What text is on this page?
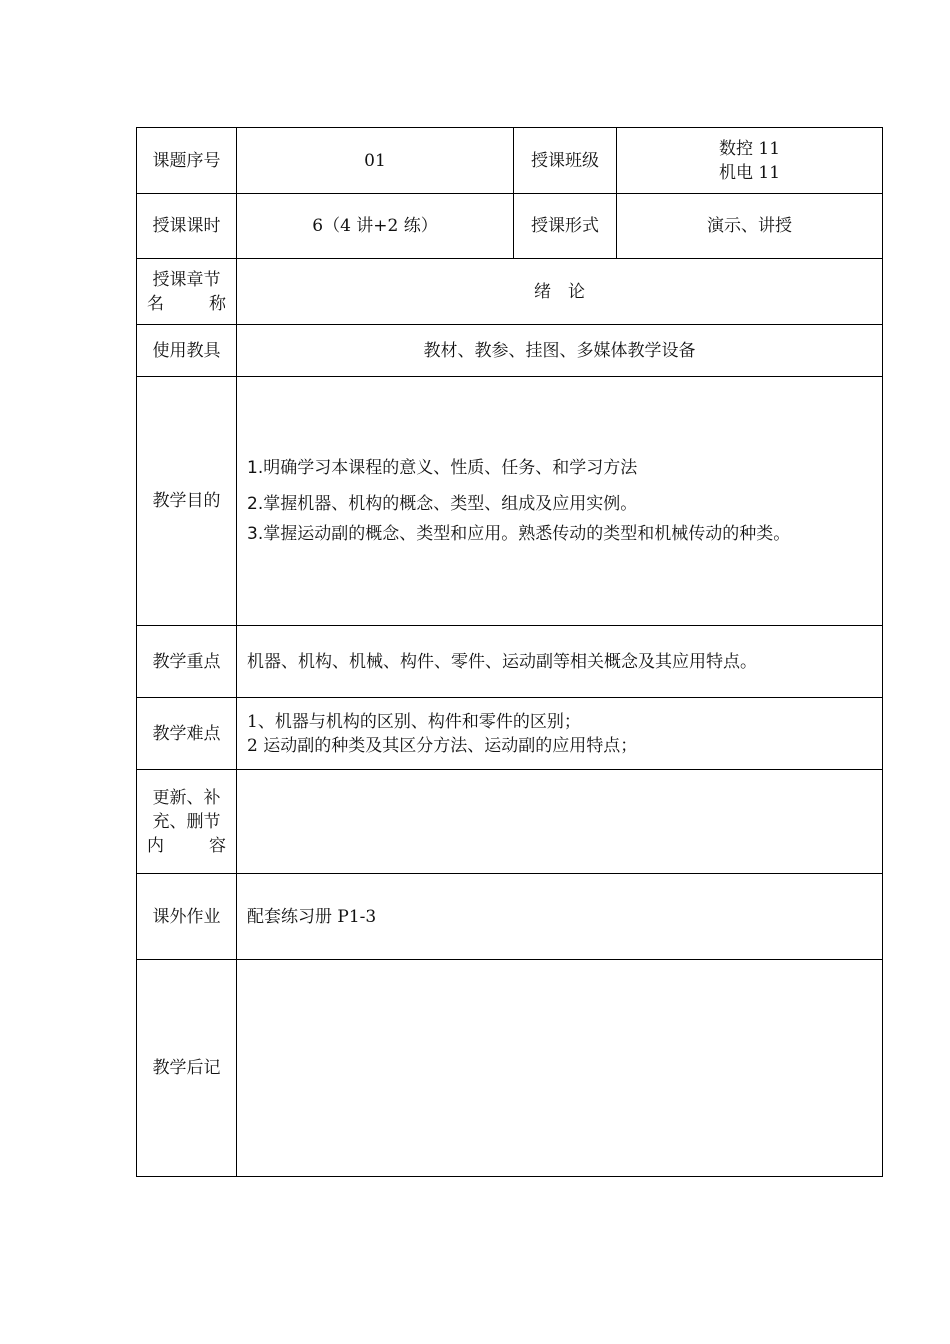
课题序号	01	授课班级	数控 11
机电 11

授课课时	6（4 讲+2 练）	授课形式	演示、讲授

授课章节
名 称	绪　论		
使用教具	教材、教参、挂图、多媒体教学设备		
教学目的	1.明确学习本课程的意义、性质、任务、和学习方法

2.掌握机器、机构的概念、类型、组成及应用实例。

3.掌握运动副的概念、类型和应用。熟悉传动的类型和机械传动的种类。		

教学重点	机器、机构、机械、构件、零件、运动副等相关概念及其应用特点。		
教学难点	1、机器与机构的区别、构件和零件的区别；
2 运动副的种类及其区分方法、运动副的应用特点；		

更新、补
充、删节
内 容			

课外作业	配套练习册 P1-3		
教学后记			
